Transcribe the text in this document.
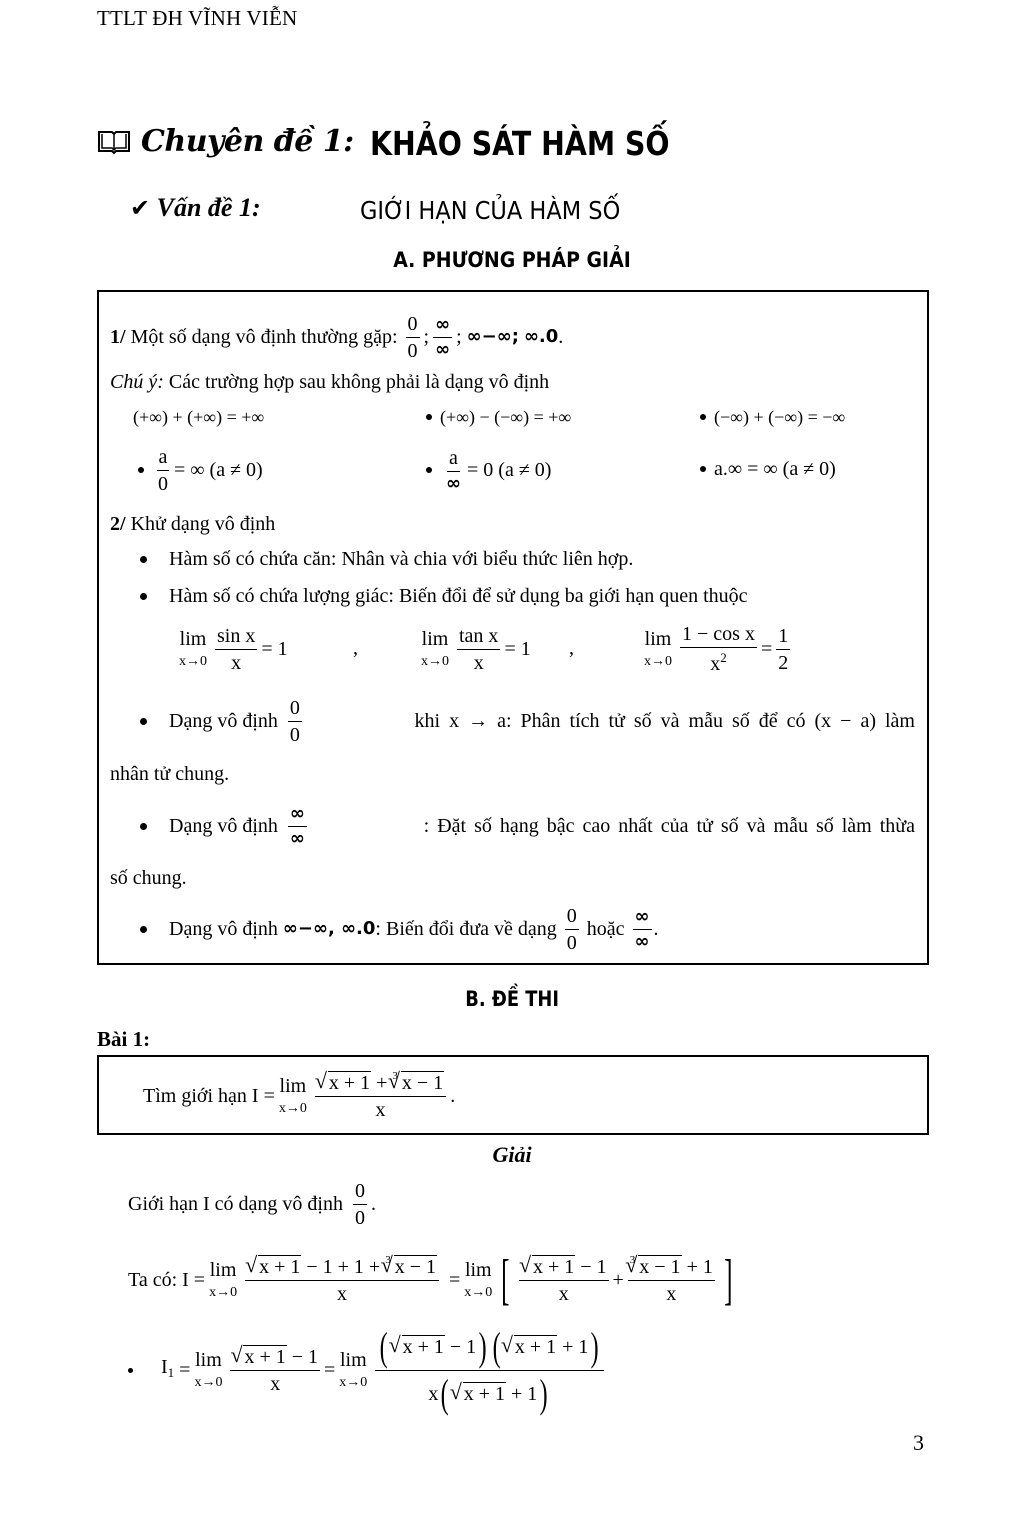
TTLT ĐH VĨNH VIỄN
Chuyên đề 1: KHẢO SÁT HÀM SỐ
✔ Vấn đề 1:	GIỚI HẠN CỦA HÀM SỐ
A. PHƯƠNG PHÁP GIẢI
1/
Một số dạng vô định thường gặp: $\frac{0}{0}$ ; $\frac{\infty}{\infty}$ ;
∞−∞;
∞.0 .
Chú ý:
Các trường hợp sau không phải là dạng vô định
(+∞) + (+∞) = +∞	(+∞) − (−∞) = +∞	(−∞) + (−∞) = −∞
$\frac{a}{0}$ = ∞ (a ≠ 0)	$\frac{a}{\infty} = 0$ (a ≠ 0)	a.∞ = ∞ (a ≠ 0)
2/
Khử dạng vô định
Hàm số có chứa căn: Nhân và chia với biểu thức liên hợp.
Hàm số có chứa lượng giác: Biến đổi để sử dụng ba giới hạn quen thuộc
lim
$x\to 0 \frac{\text{sin x}}{x} = 1$	,	lim
$x\to 0 \frac{\text{tan x}}{x} = 1$ ,	lim
$x\to 0 \frac{\text{1 − cos x}}{x^2} = \frac{1}{2}$
Dạng vô định $\frac{0}{0}$	khi x → a: Phân tích tử số và mẫu số để có (x − a) làm
nhân tử chung.
Dạng vô định $\frac{\infty}{\infty}$	: Đặt số hạng bậc cao nhất của tử số và mẫu số làm thừa
số chung.
Dạng vô định
∞−∞, ∞.0 : Biến đổi đưa về dạng $\frac{0}{0}$ hoặc $\frac{\infty}{\infty}$ .
B. ĐỀ THI
Bài 1:
Tìm giới hạn
I = lim
x→0 √ $\frac{x + 1 + ^3 √ x - 1}{x}$ .
Giải
Giới hạn I có dạng vô định $\frac{0}{0}$ .
Ta có:
I = lim
x→0 √ $\frac{x + 1 - 1 + 1 + ^3 √ x - 1}{x} = \lim$
x→0 [ √ $\frac{x + 1 - 1}{x} + \frac{^3 √ x - 1 + 1}{x}$ ]
$I_1$
= lim
x→0 √ $\frac{x + 1 - 1}{x} = \lim$
x→0 ( √ x + 1
− 1 ) ( √ x + 1
+ 1 )
x ( √ x + 1
+ 1 )
3
